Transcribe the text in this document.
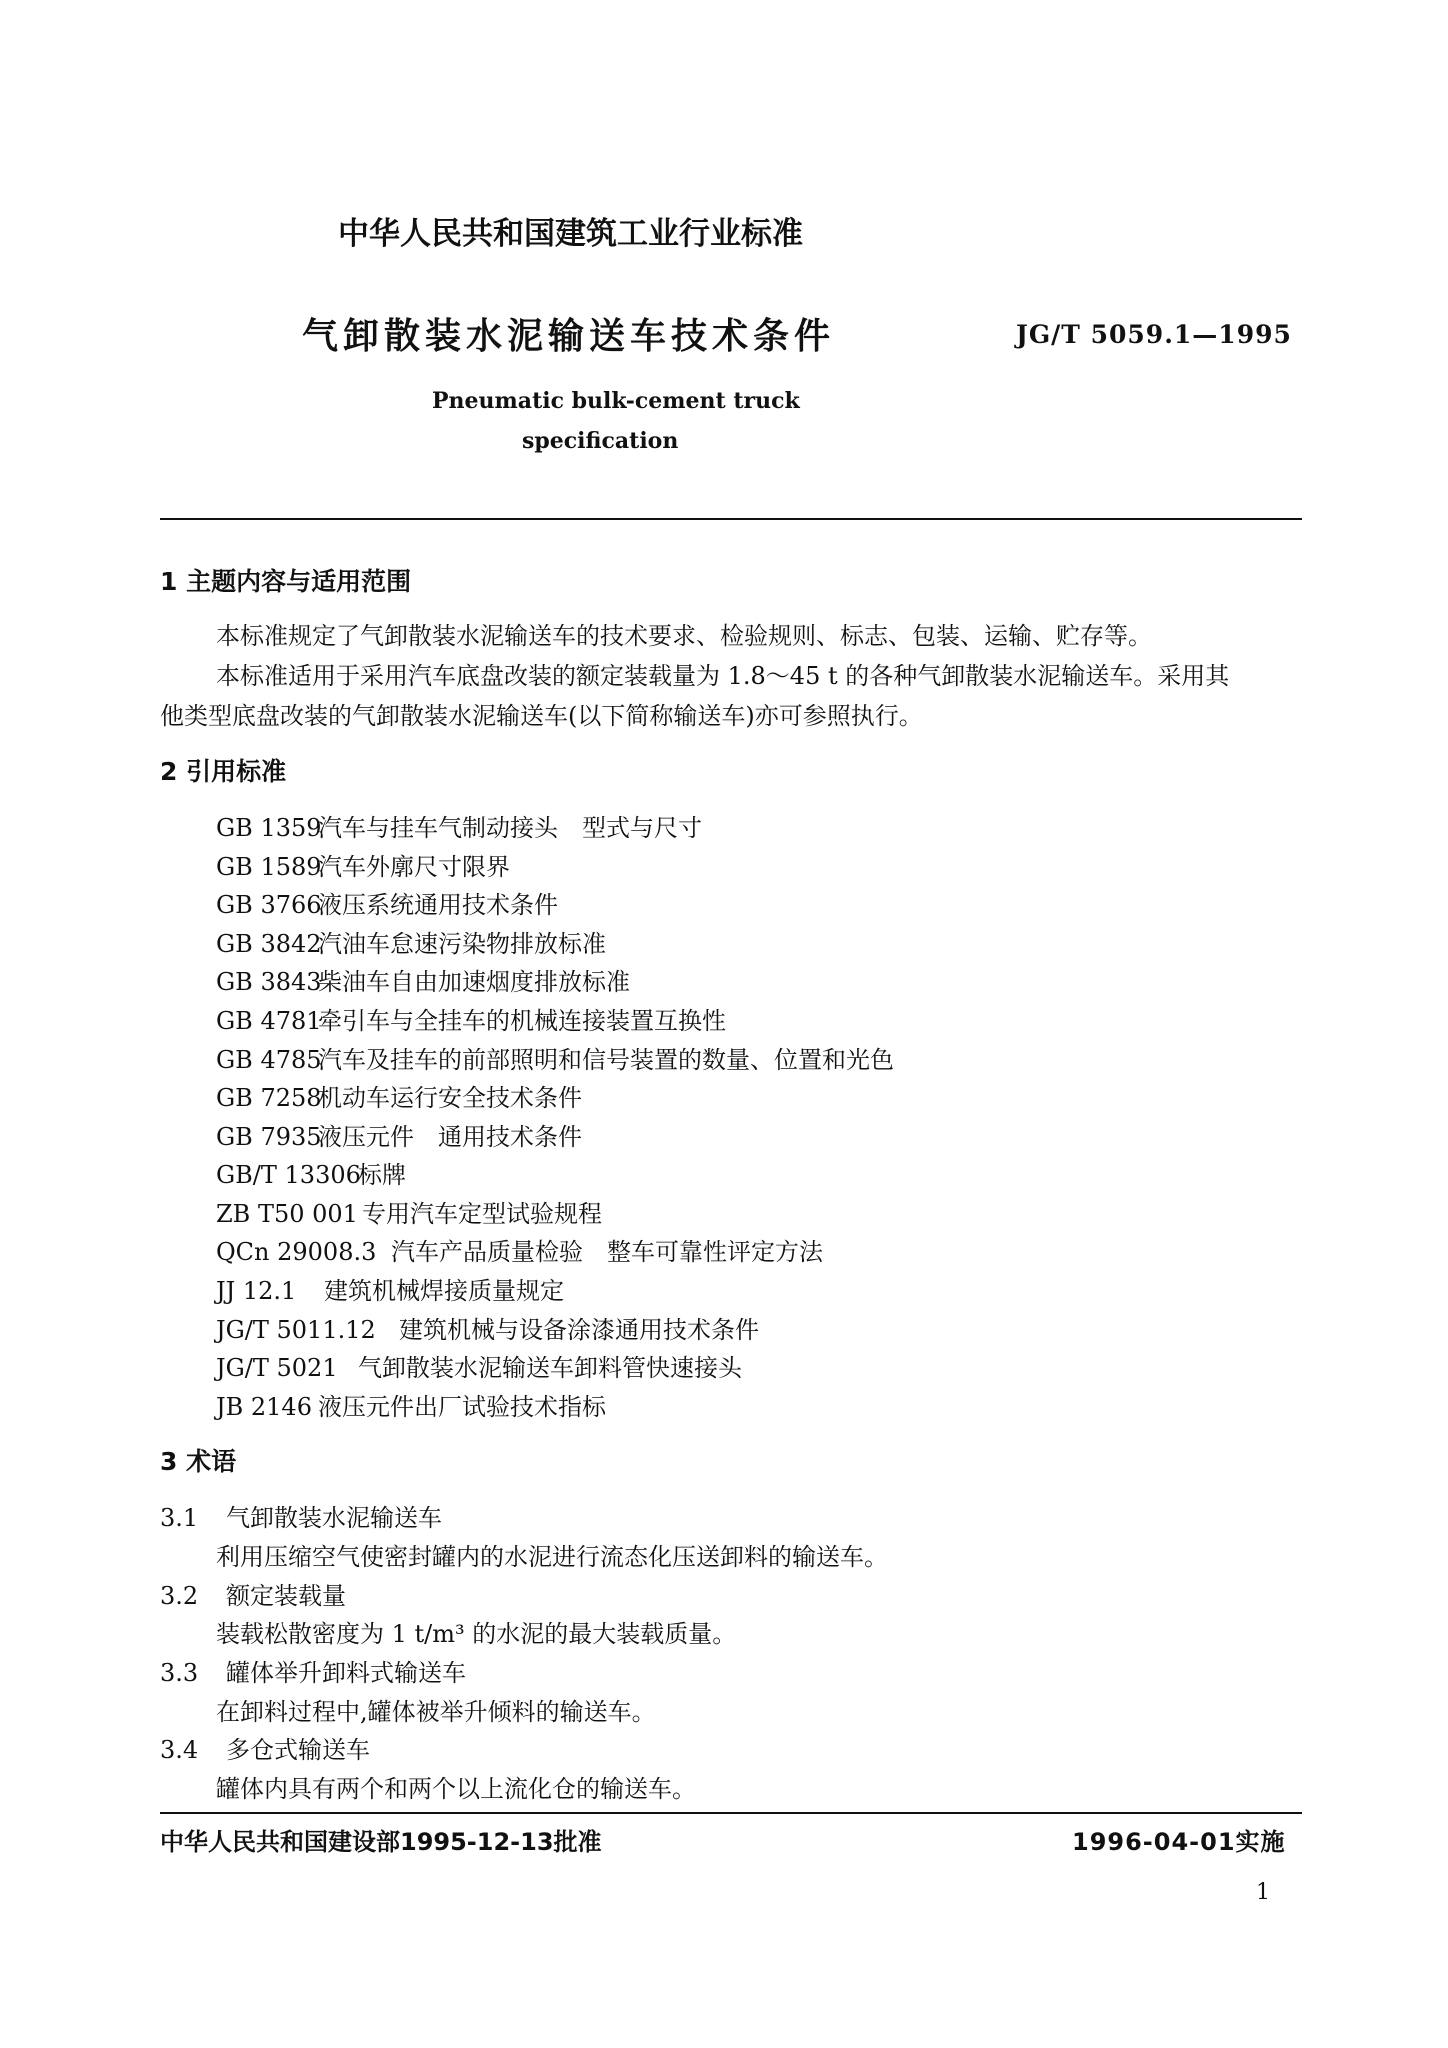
中华人民共和国建筑工业行业标准
气卸散装水泥输送车技术条件	JG/T 5059.1—1995
Pneumatic bulk-cement truck
specification
1 主题内容与适用范围
本标准规定了气卸散装水泥输送车的技术要求、检验规则、标志、包装、运输、贮存等。
本标准适用于采用汽车底盘改装的额定装载量为 1.8～45 t 的各种气卸散装水泥输送车。采用其
他类型底盘改装的气卸散装水泥输送车(以下简称输送车)亦可参照执行。
2 引用标准
GB 1359汽车与挂车气制动接头　型式与尺寸
GB 1589汽车外廓尺寸限界
GB 3766液压系统通用技术条件
GB 3842汽油车怠速污染物排放标准
GB 3843柴油车自由加速烟度排放标准
GB 4781牵引车与全挂车的机械连接装置互换性
GB 4785汽车及挂车的前部照明和信号装置的数量、位置和光色
GB 7258机动车运行安全技术条件
GB 7935液压元件　通用技术条件
GB/T 13306标牌
ZB T50 001 专用汽车定型试验规程
QCn 29008.3 汽车产品质量检验　整车可靠性评定方法
JJ 12.1 建筑机械焊接质量规定
JG/T 5011.12 建筑机械与设备涂漆通用技术条件
JG/T 5021 气卸散装水泥输送车卸料管快速接头
JB 2146 液压元件出厂试验技术指标
3 术语
3.1 气卸散装水泥输送车
利用压缩空气使密封罐内的水泥进行流态化压送卸料的输送车。
3.2 额定装载量
装载松散密度为 1 t/m³ 的水泥的最大装载质量。
3.3 罐体举升卸料式输送车
在卸料过程中,罐体被举升倾料的输送车。
3.4 多仓式输送车
罐体内具有两个和两个以上流化仓的输送车。
中华人民共和国建设部1995-12-13批准	1996-04-01实施
1
